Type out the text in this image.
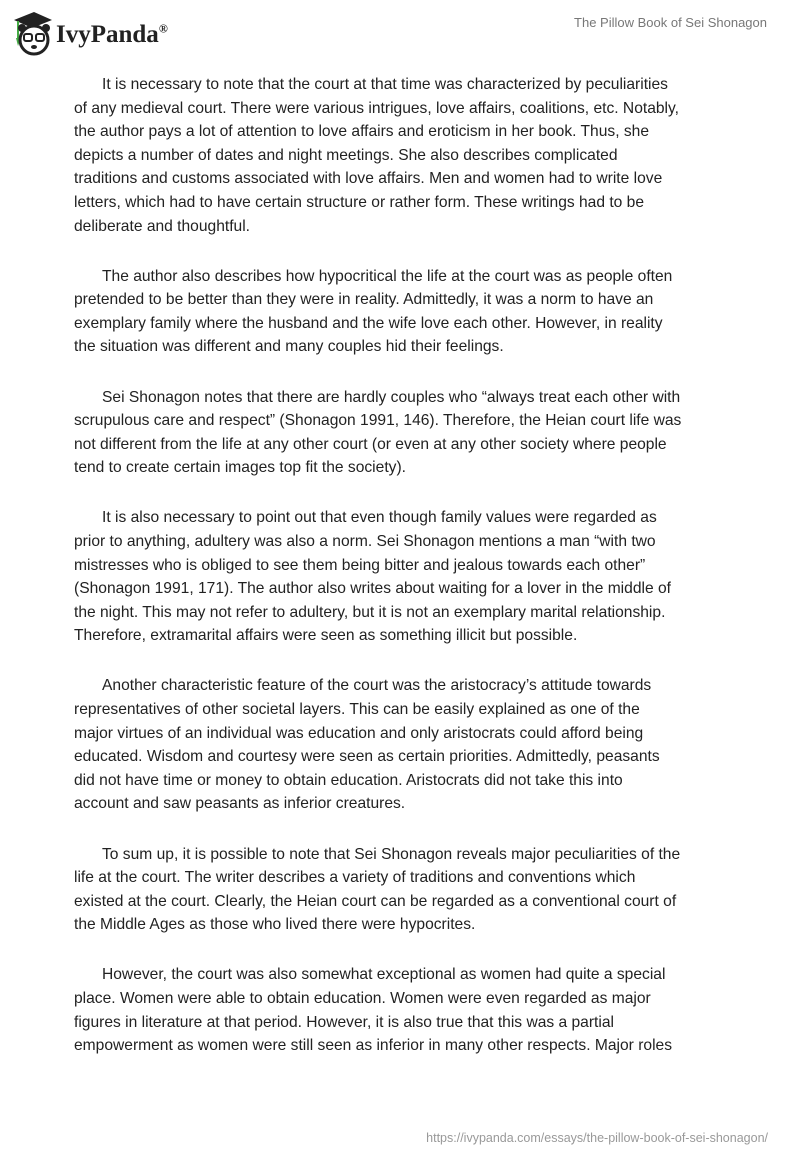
IvyPanda®	The Pillow Book of Sei Shonagon

It is necessary to note that the court at that time was characterized by peculiarities
of any medieval court. There were various intrigues, love affairs, coalitions, etc. Notably,
the author pays a lot of attention to love affairs and eroticism in her book. Thus, she
depicts a number of dates and night meetings. She also describes complicated
traditions and customs associated with love affairs. Men and women had to write love
letters, which had to have certain structure or rather form. These writings had to be
deliberate and thoughtful.

The author also describes how hypocritical the life at the court was as people often
pretended to be better than they were in reality. Admittedly, it was a norm to have an
exemplary family where the husband and the wife love each other. However, in reality
the situation was different and many couples hid their feelings.

Sei Shonagon notes that there are hardly couples who “always treat each other with
scrupulous care and respect” (Shonagon 1991, 146). Therefore, the Heian court life was
not different from the life at any other court (or even at any other society where people
tend to create certain images top fit the society).

It is also necessary to point out that even though family values were regarded as
prior to anything, adultery was also a norm. Sei Shonagon mentions a man “with two
mistresses who is obliged to see them being bitter and jealous towards each other”
(Shonagon 1991, 171). The author also writes about waiting for a lover in the middle of
the night. This may not refer to adultery, but it is not an exemplary marital relationship.
Therefore, extramarital affairs were seen as something illicit but possible.

Another characteristic feature of the court was the aristocracy’s attitude towards
representatives of other societal layers. This can be easily explained as one of the
major virtues of an individual was education and only aristocrats could afford being
educated. Wisdom and courtesy were seen as certain priorities. Admittedly, peasants
did not have time or money to obtain education. Aristocrats did not take this into
account and saw peasants as inferior creatures.

To sum up, it is possible to note that Sei Shonagon reveals major peculiarities of the
life at the court. The writer describes a variety of traditions and conventions which
existed at the court. Clearly, the Heian court can be regarded as a conventional court of
the Middle Ages as those who lived there were hypocrites.

However, the court was also somewhat exceptional as women had quite a special
place. Women were able to obtain education. Women were even regarded as major
figures in literature at that period. However, it is also true that this was a partial
empowerment as women were still seen as inferior in many other respects. Major roles

https://ivypanda.com/essays/the-pillow-book-of-sei-shonagon/
